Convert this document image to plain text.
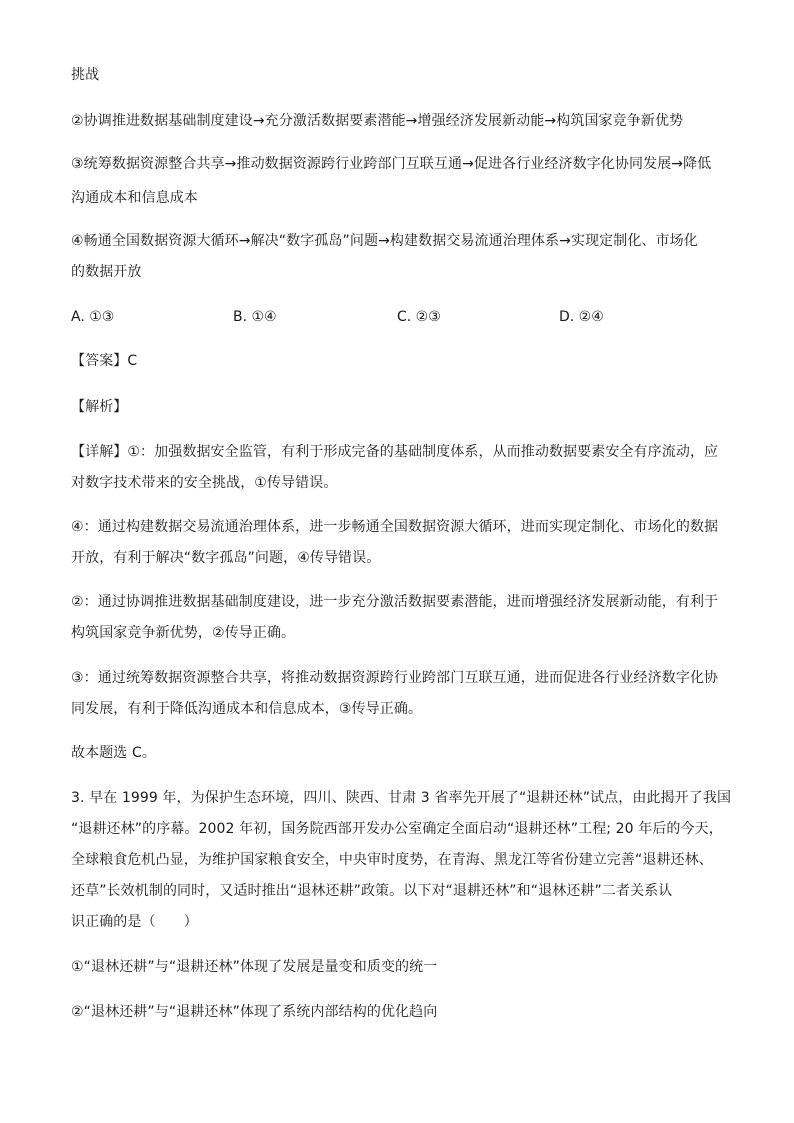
挑战
②协调推进数据基础制度建设→充分激活数据要素潜能→增强经济发展新动能→构筑国家竞争新优势
③统筹数据资源整合共享→推动数据资源跨行业跨部门互联互通→促进各行业经济数字化协同发展→降低
沟通成本和信息成本
④畅通全国数据资源大循环→解决“数字孤岛”问题→构建数据交易流通治理体系→实现定制化、市场化
的数据开放
A. ①③	B. ①④	C. ②③	D. ②④
【答案】C
【解析】
【详解】①：加强数据安全监管，有利于形成完备的基础制度体系，从而推动数据要素安全有序流动，应
对数字技术带来的安全挑战，①传导错误。
④：通过构建数据交易流通治理体系，进一步畅通全国数据资源大循环，进而实现定制化、市场化的数据
开放，有利于解决“数字孤岛”问题，④传导错误。
②：通过协调推进数据基础制度建设，进一步充分激活数据要素潜能，进而增强经济发展新动能，有利于
构筑国家竞争新优势，②传导正确。
③：通过统筹数据资源整合共享，将推动数据资源跨行业跨部门互联互通，进而促进各行业经济数字化协
同发展，有利于降低沟通成本和信息成本，③传导正确。
故本题选 C。
3. 早在 1999 年，为保护生态环境，四川、陕西、甘肃 3 省率先开展了“退耕还林”试点，由此揭开了我国
“退耕还林”的序幕。2002 年初，国务院西部开发办公室确定全面启动“退耕还林”工程; 20 年后的今天，
全球粮食危机凸显，为维护国家粮食安全，中央审时度势，在青海、黑龙江等省份建立完善“退耕还林、
还草”长效机制的同时，又适时推出“退林还耕”政策。以下对“退耕还林”和“退林还耕”二者关系认
识正确的是（　　）
①“退林还耕”与“退耕还林”体现了发展是量变和质变的统一
②“退林还耕”与“退耕还林”体现了系统内部结构的优化趋向
